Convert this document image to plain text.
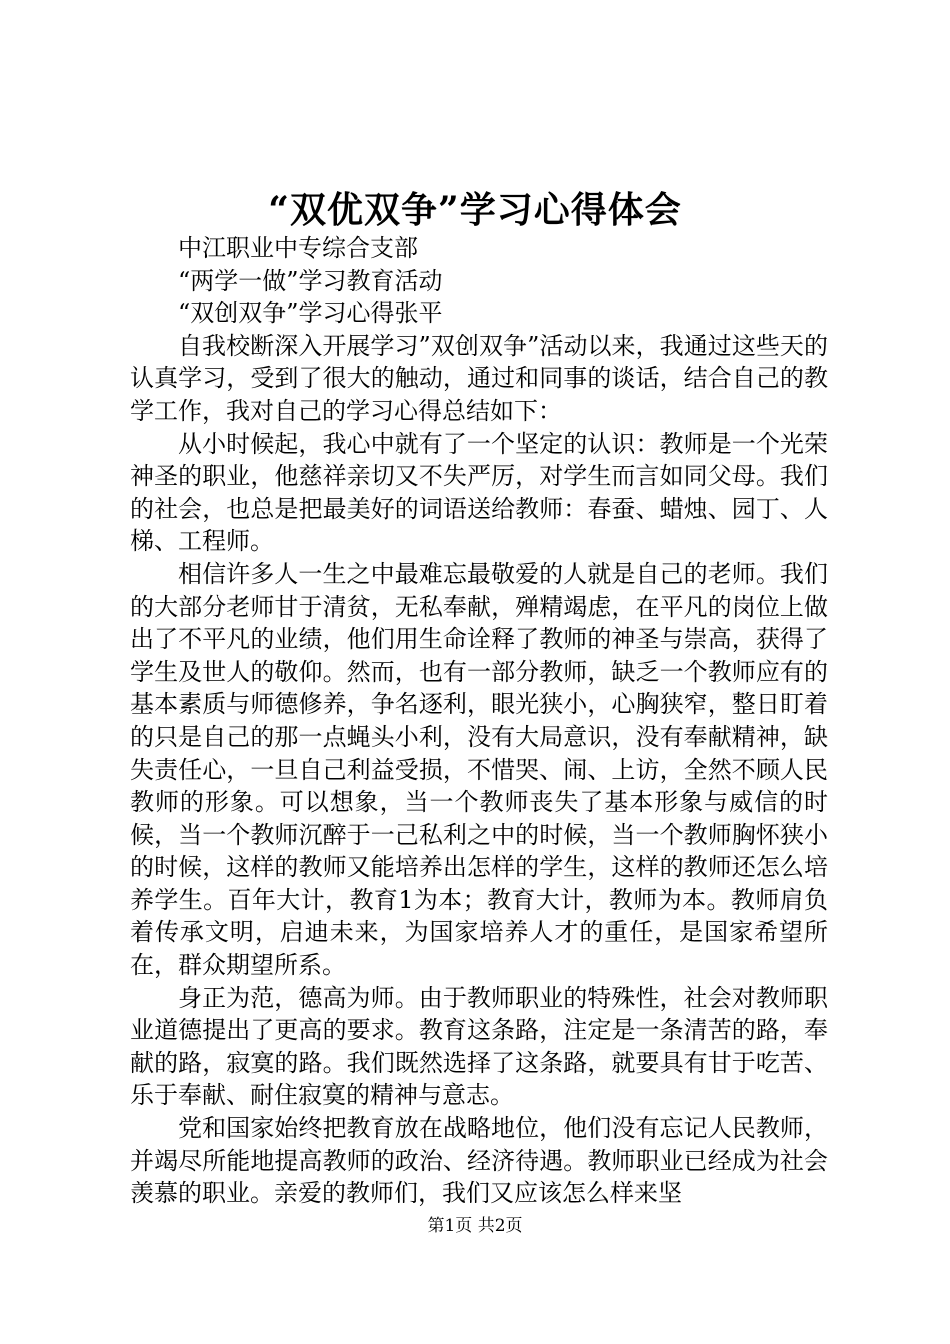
“双优双争”学习心得体会

中江职业中专综合支部

“两学一做”学习教育活动

“双创双争”学习心得张平

自我校断深入开展学习”双创双争”活动以来，我通过这些天的认真学习，受到了很大的触动，通过和同事的谈话，结合自己的教学工作，我对自己的学习心得总结如下：

从小时候起，我心中就有了一个坚定的认识：教师是一个光荣神圣的职业，他慈祥亲切又不失严厉，对学生而言如同父母。我们的社会，也总是把最美好的词语送给教师：春蚕、蜡烛、园丁、人梯、工程师。

相信许多人一生之中最难忘最敬爱的人就是自己的老师。我们的大部分老师甘于清贫，无私奉献，殚精竭虑，在平凡的岗位上做出了不平凡的业绩，他们用生命诠释了教师的神圣与崇高，获得了学生及世人的敬仰。然而，也有一部分教师，缺乏一个教师应有的基本素质与师德修养，争名逐利，眼光狭小，心胸狭窄，整日盯着的只是自己的那一点蝇头小利，没有大局意识，没有奉献精神，缺失责任心，一旦自己利益受损，不惜哭、闹、上访，全然不顾人民教师的形象。可以想象，当一个教师丧失了基本形象与威信的时候，当一个教师沉醉于一己私利之中的时候，当一个教师胸怀狭小的时候，这样的教师又能培养出怎样的学生，这样的教师还怎么培养学生。百年大计，教育1为本；教育大计，教师为本。教师肩负着传承文明，启迪未来，为国家培养人才的重任，是国家希望所在，群众期望所系。

身正为范，德高为师。由于教师职业的特殊性，社会对教师职业道德提出了更高的要求。教育这条路，注定是一条清苦的路，奉献的路，寂寞的路。我们既然选择了这条路，就要具有甘于吃苦、乐于奉献、耐住寂寞的精神与意志。

党和国家始终把教育放在战略地位，他们没有忘记人民教师，并竭尽所能地提高教师的政治、经济待遇。教师职业已经成为社会羡慕的职业。亲爱的教师们，我们又应该怎么样来坚

第1页 共2页
